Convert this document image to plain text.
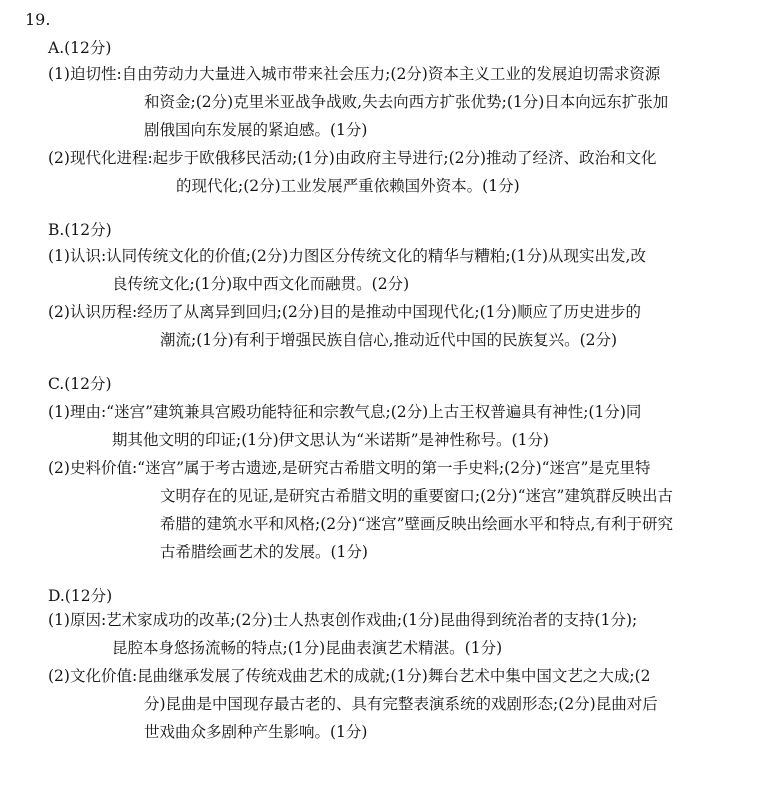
19.
A.(12分)
(1)迫切性:自由劳动力大量进入城市带来社会压力;(2分)资本主义工业的发展迫切需求资源
和资金;(2分)克里米亚战争战败,失去向西方扩张优势;(1分)日本向远东扩张加
剧俄国向东发展的紧迫感。(1分)
(2)现代化进程:起步于欧俄移民活动;(1分)由政府主导进行;(2分)推动了经济、政治和文化
的现代化;(2分)工业发展严重依赖国外资本。(1分)
B.(12分)
(1)认识:认同传统文化的价值;(2分)力图区分传统文化的精华与糟粕;(1分)从现实出发,改
良传统文化;(1分)取中西文化而融贯。(2分)
(2)认识历程:经历了从离异到回归;(2分)目的是推动中国现代化;(1分)顺应了历史进步的
潮流;(1分)有利于增强民族自信心,推动近代中国的民族复兴。(2分)
C.(12分)
(1)理由:“迷宫”建筑兼具宫殿功能特征和宗教气息;(2分)上古王权普遍具有神性;(1分)同
期其他文明的印证;(1分)伊文思认为“米诺斯”是神性称号。(1分)
(2)史料价值:“迷宫”属于考古遗迹,是研究古希腊文明的第一手史料;(2分)“迷宫”是克里特
文明存在的见证,是研究古希腊文明的重要窗口;(2分)“迷宫”建筑群反映出古
希腊的建筑水平和风格;(2分)“迷宫”壁画反映出绘画水平和特点,有利于研究
古希腊绘画艺术的发展。(1分)
D.(12分)
(1)原因:艺术家成功的改革;(2分)士人热衷创作戏曲;(1分)昆曲得到统治者的支持(1分);
昆腔本身悠扬流畅的特点;(1分)昆曲表演艺术精湛。(1分)
(2)文化价值:昆曲继承发展了传统戏曲艺术的成就;(1分)舞台艺术中集中国文艺之大成;(2
分)昆曲是中国现存最古老的、具有完整表演系统的戏剧形态;(2分)昆曲对后
世戏曲众多剧种产生影响。(1分)
